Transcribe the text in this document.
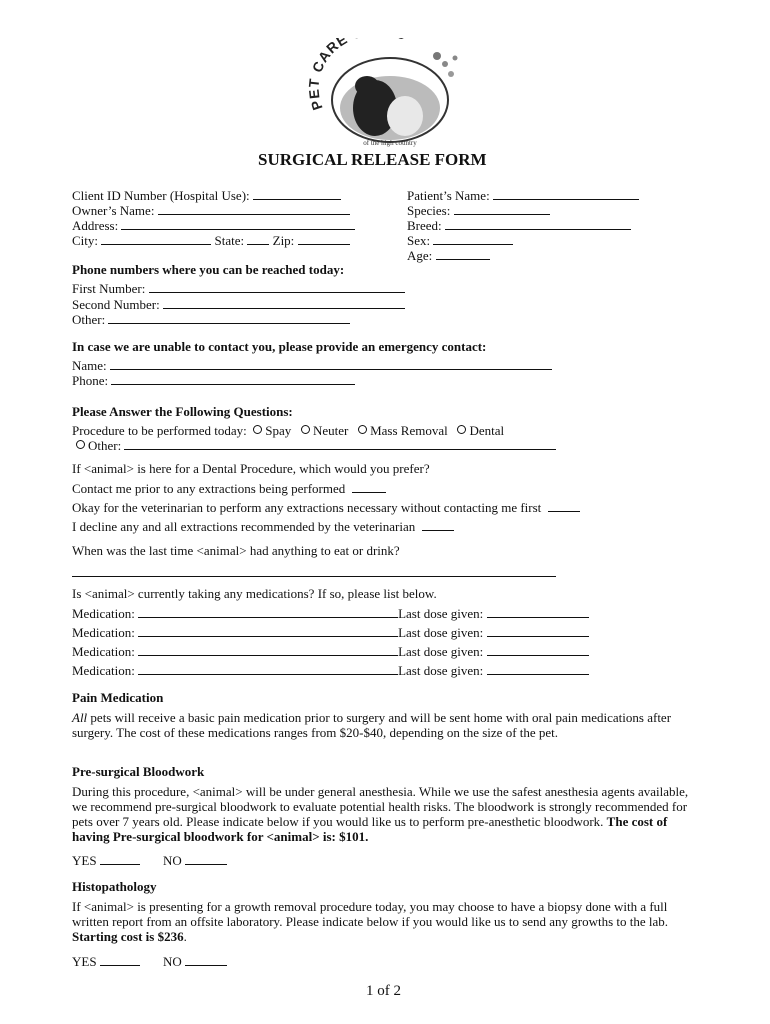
PET CARE
of the high country
SURGICAL RELEASE FORM
Client ID Number (Hospital Use):
Owner’s Name:
Address:
City:	State: Zip:
Patient’s Name:
Species:
Breed:
Sex:
Age:
Phone numbers where you can be reached today:
First Number:
Second Number:
Other:
In case we are unable to contact you, please provide an emergency contact:
Name:
Phone:
Please Answer the Following Questions:
Procedure to be performed today: Spay Neuter Mass Removal Dental
Other:
If <animal> is here for a Dental Procedure, which would you prefer?
Contact me prior to any extractions being performed
Okay for the veterinarian to perform any extractions necessary without contacting me first
I decline any and all extractions recommended by the veterinarian
When was the last time <animal> had anything to eat or drink?
Is <animal> currently taking any medications? If so, please list below.
Medication:	Last dose given:
Medication:	Last dose given:
Medication:	Last dose given:
Medication:	Last dose given:
Pain Medication
All pets will receive a basic pain medication prior to surgery and will be sent home with oral pain medications after surgery. The cost of these medications ranges from $20-$40, depending on the size of the pet.
Pre-surgical Bloodwork
During this procedure, <animal> will be under general anesthesia. While we use the safest anesthesia agents available, we recommend pre-surgical bloodwork to evaluate potential health risks. The bloodwork is strongly recommended for pets over 7 years old. Please indicate below if you would like us to perform pre-anesthetic bloodwork. The cost of having Pre-surgical bloodwork for <animal> is: $101.
YES	NO
Histopathology
If <animal> is presenting for a growth removal procedure today, you may choose to have a biopsy done with a full written report from an offsite laboratory. Please indicate below if you would like us to send any growths to the lab. Starting cost is $236.
YES	NO
1 of 2
